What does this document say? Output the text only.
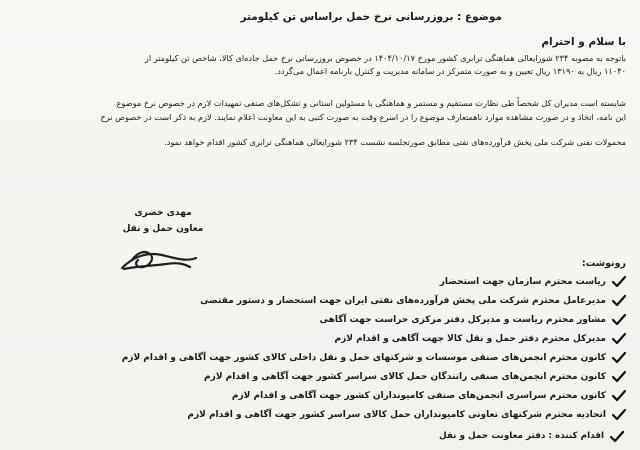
موضوع : بروزرسانی نرخ حمل براساس تن کیلومتر
با سلام و احترام
باتوجه به مصوبه ۲۳۴ شورایعالی هماهنگی ترابری کشور مورخ ۱۴۰۴/۱۰/۱۷ در خصوص بروزرسانی نرخ حمل جاده‌ای کالا، شاخص تن کیلومتر از
۱۱۰۴۰ ریال به ۱۳۱۹۰ ریال تعیین و به صورت متمرکز در سامانه مدیریت و کنترل بارنامه اعمال می‌گردد.
شایسته است مدیران کل شخصاً طی نظارت مستقیم و مستمر و هماهنگی با مسئولین استانی و تشکل‌های صنفی تمهیدات لازم در خصوص نرخ موضوع
این نامه، اتخاذ و در صورت مشاهده موارد ناهمتعارف موضوع را در اسرع وقت به صورت کتبی به این معاونت اعلام نمایند. لازم به ذکر است در خصوص نرخ
محمولات نفتی شرکت ملی پخش فرآورده‌های نفتی مطابق صورتجلسه نشست ۲۳۴ شورایعالی هماهنگی ترابری کشور اقدام خواهد نمود.
مهدی خضری
معاون حمل و نقل
رونوشت:
ریاست محترم سازمان جهت استحضار
مدیرعامل محترم شرکت ملی پخش فرآورده‌های نفتی ایران جهت استحضار و دستور مقتضی
مشاور محترم ریاست و مدیرکل دفتر مرکزی حراست جهت آگاهی
مدیرکل محترم دفتر حمل و نقل کالا جهت آگاهی و اقدام لازم
کانون محترم انجمن‌های صنفی موسسات و شرکتهای حمل و نقل داخلی کالای کشور جهت آگاهی و اقدام لازم
کانون محترم انجمن‌های صنفی رانندگان حمل کالای سراسر کشور جهت آگاهی و اقدام لازم
کانون محترم سراسری انجمن‌های صنفی کامیونداران کشور جهت آگاهی و اقدام لازم
اتحادیه محترم شرکتهای تعاونی کامیونداران حمل کالای سراسر کشور جهت آگاهی و اقدام لازم
اقدام کننده : دفتر معاونت حمل و نقل
